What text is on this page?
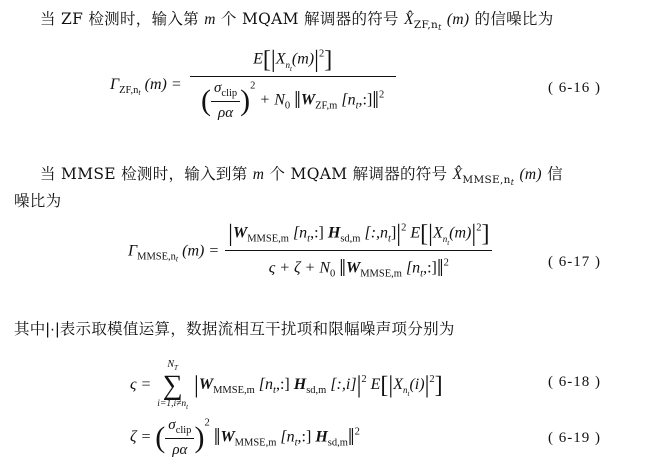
当 ZF 检测时，输入第 m 个 MQAM 解调器的符号 $X̂_{ZF,nt}$ (m) 的信噪比为
$\Gamma_{ZF,nt}$ $(m) = \frac{E[|X_{n_t}(m)|^2]}{( \frac{\sigma_{clip}}{\rho\alpha} )^2 + N_0 ‖W_{ZF,m} [n_t,:]‖^2}$	( 6-16 )
当 MMSE 检测时，输入到第 m 个 MQAM 解调器的符号 $X̂_{MMSE,nt}$ (m) 信
噪比为
$\Gamma_{MMSE,nt}$ (m) =
$|W_{MMSE,m}$ $[n_t,:]$ $H_{sd,m}$ $[:,n_t]|^2$ $E[|X_{n_t}(m)|^2]$
$\varsigma + \zeta + N_0$ $‖W_{MMSE,m}$ $[n_t,:]‖^2$	( 6-17 )
其中|·|表示取模值运算，数据流相互干扰项和限幅噪声项分别为
ς =
$N_T$
∑
$i=1,i\ne n_t$
$|W_{MMSE,m}$ $[n_t,:]$ $H_{sd,m}$ $[:,i]|^2$ $E[|X_{n_t}(i)|^2]$	( 6-18 )
ζ = ( $\frac{\sigma_{clip}}{\rho\alpha} )^2$ $‖W_{MMSE,m}$ $[n_t,:]$ $H_{sd,m}‖^2$	( 6-19 )
